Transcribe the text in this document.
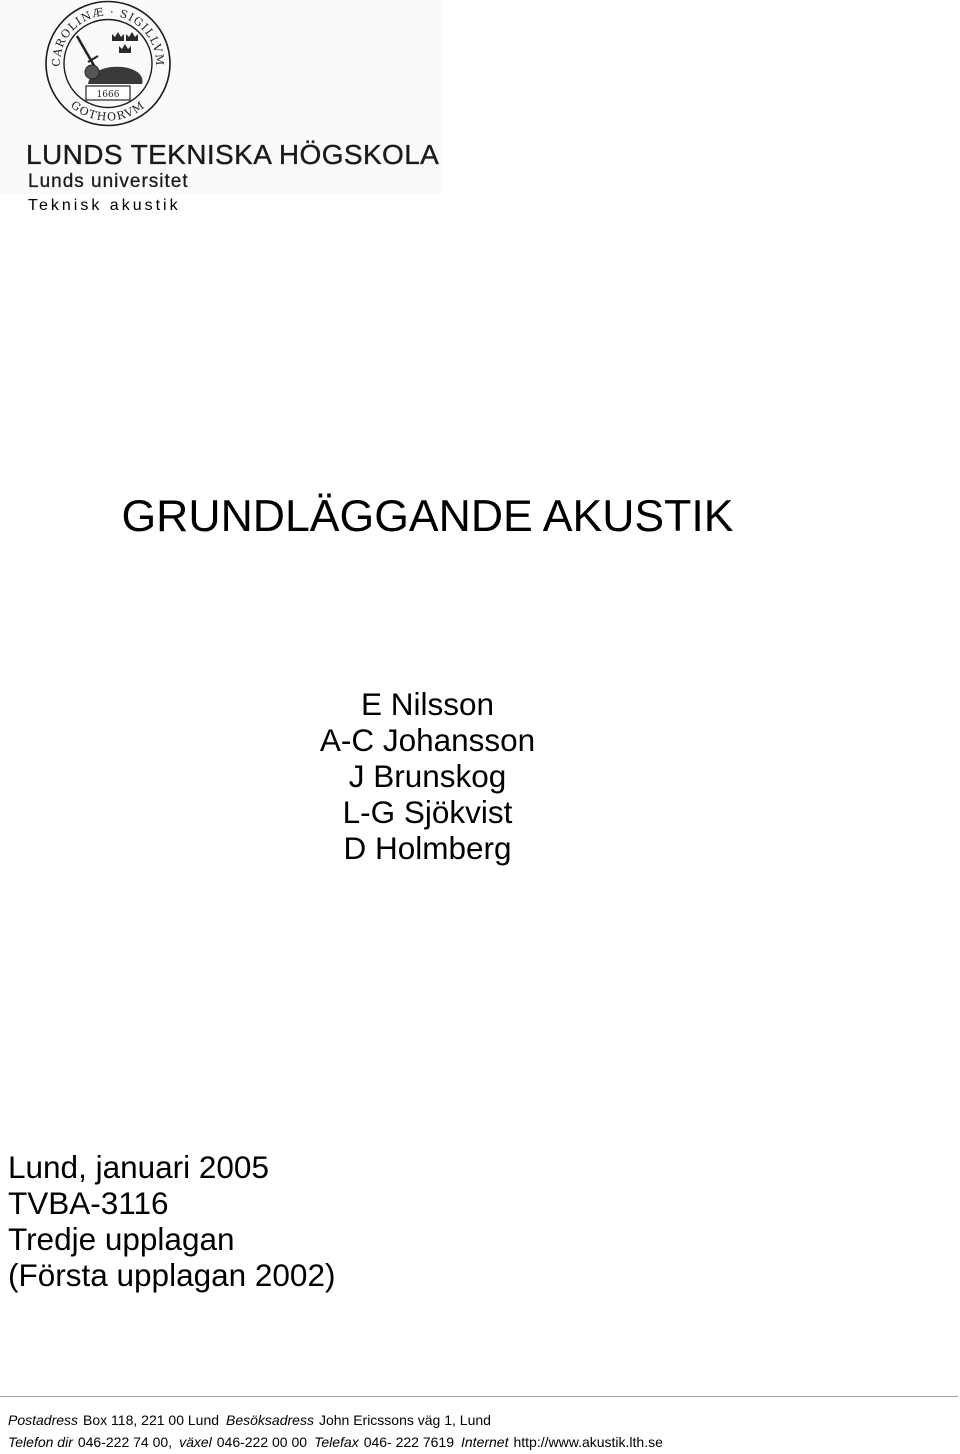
CAROLINÆ · SIGILLVM
GOTHORVM
1666
LUNDS TEKNISKA HÖGSKOLA
Lunds universitet
Teknisk akustik
GRUNDLÄGGANDE AKUSTIK
E Nilsson
A-C Johansson
J Brunskog
L-G Sjökvist
D Holmberg
Lund, januari 2005
TVBA-3116
Tredje upplagan
(Första upplagan 2002)
Postadress Box 118, 221 00 Lund Besöksadress John Ericssons väg 1, Lund
Telefon dir 046-222 74 00, växel 046-222 00 00 Telefax 046- 222 7619 Internet http://www.akustik.lth.se
